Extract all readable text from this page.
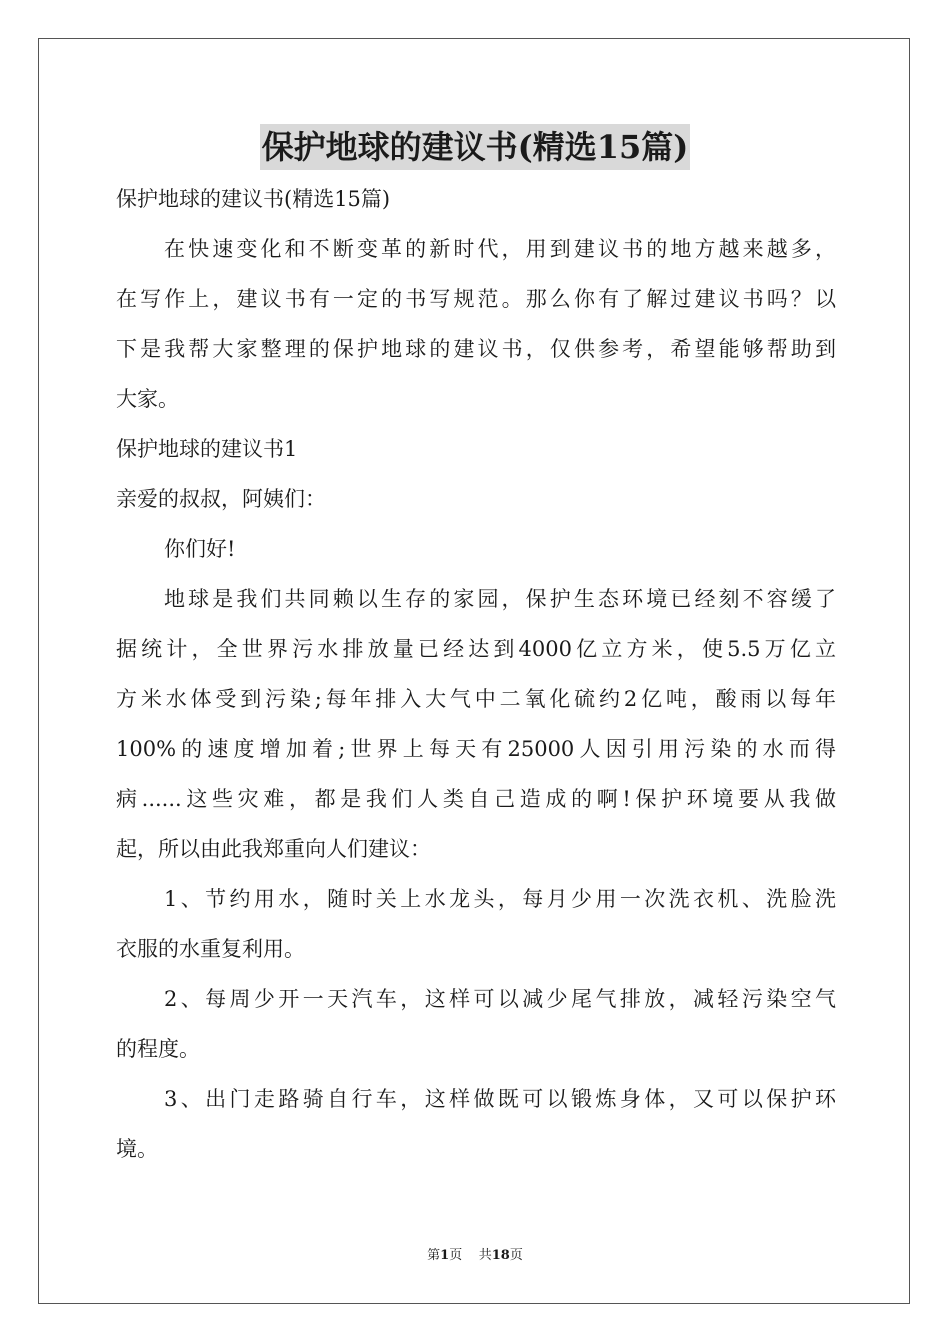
保护地球的建议书(精选15篇)

保护地球的建议书(精选15篇)

在快速变化和不断变革的新时代，用到建议书的地方越来越多，

在写作上，建议书有一定的书写规范。那么你有了解过建议书吗？以

下是我帮大家整理的保护地球的建议书，仅供参考，希望能够帮助到

大家。

保护地球的建议书1

亲爱的叔叔，阿姨们：

你们好!

地球是我们共同赖以生存的家园，保护生态环境已经刻不容缓了

据统计，全世界污水排放量已经达到4000亿立方米，使5.5万亿立

方米水体受到污染;每年排入大气中二氧化硫约2亿吨，酸雨以每年

100%的速度增加着;世界上每天有25000人因引用污染的水而得

病......这些灾难，都是我们人类自己造成的啊!保护环境要从我做

起，所以由此我郑重向人们建议：

1、节约用水，随时关上水龙头，每月少用一次洗衣机、洗脸洗

衣服的水重复利用。

2、每周少开一天汽车，这样可以减少尾气排放，减轻污染空气

的程度。

3、出门走路骑自行车，这样做既可以锻炼身体，又可以保护环

境。

第1页 共18页
